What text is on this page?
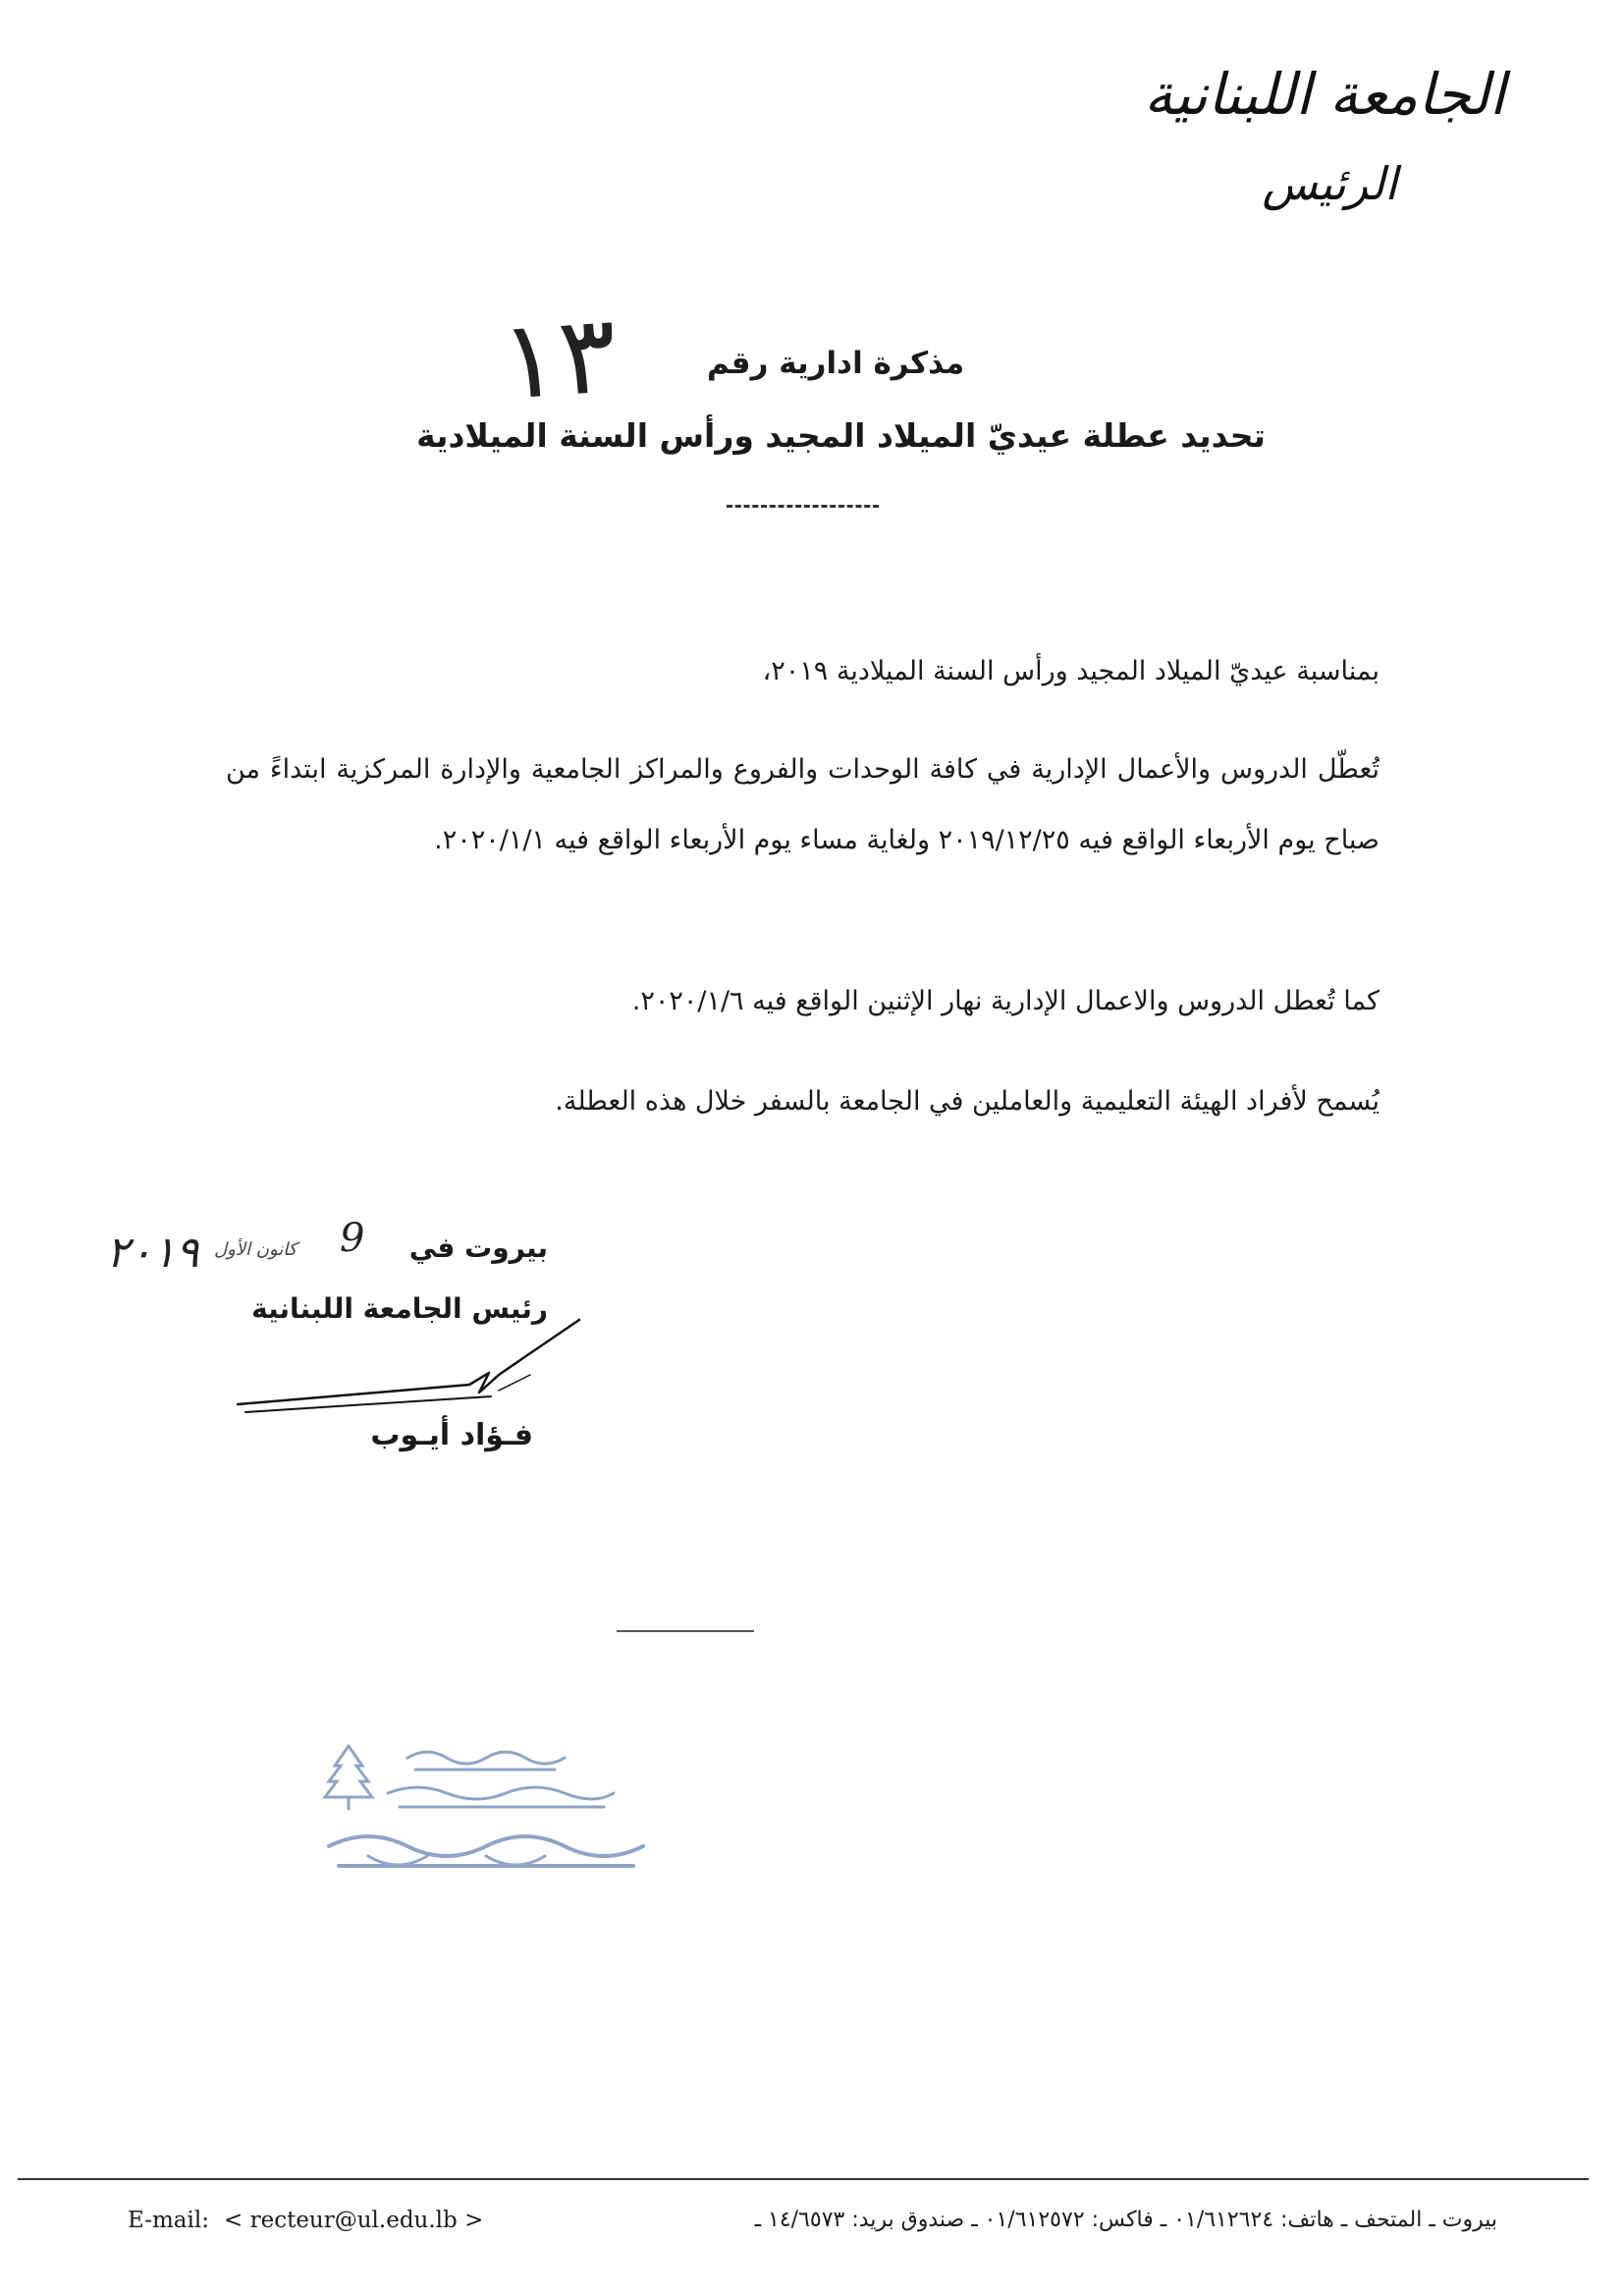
الجامعة اللبنانية
الرئيس
مذكرة ادارية رقم
١٣
تحديد عطلة عيديّ الميلاد المجيد ورأس السنة الميلادية
بمناسبة عيديّ الميلاد المجيد ورأس السنة الميلادية ٢٠١٩،
تُعطّل الدروس والأعمال الإدارية في كافة الوحدات والفروع والمراكز الجامعية والإدارة المركزية ابتداءً من صباح يوم الأربعاء الواقع فيه ٢٠١٩/١٢/٢٥ ولغاية مساء يوم الأربعاء الواقع فيه ٢٠٢٠/١/١.
كما تُعطل الدروس والاعمال الإدارية نهار الإثنين الواقع فيه ٢٠٢٠/١/٦.
يُسمح لأفراد الهيئة التعليمية والعاملين في الجامعة بالسفر خلال هذه العطلة.
بيروت في
9
كانون الأول
٢٠١٩
رئيس الجامعة اللبنانية
فـؤاد أيـوب
E-mail: < recteur@ul.edu.lb >	بيروت ـ المتحف ـ هاتف: ٠١/٦١٢٦٢٤ ـ فاكس: ٠١/٦١٢٥٧٢ ـ صندوق بريد: ١٤/٦٥٧٣ ـ
